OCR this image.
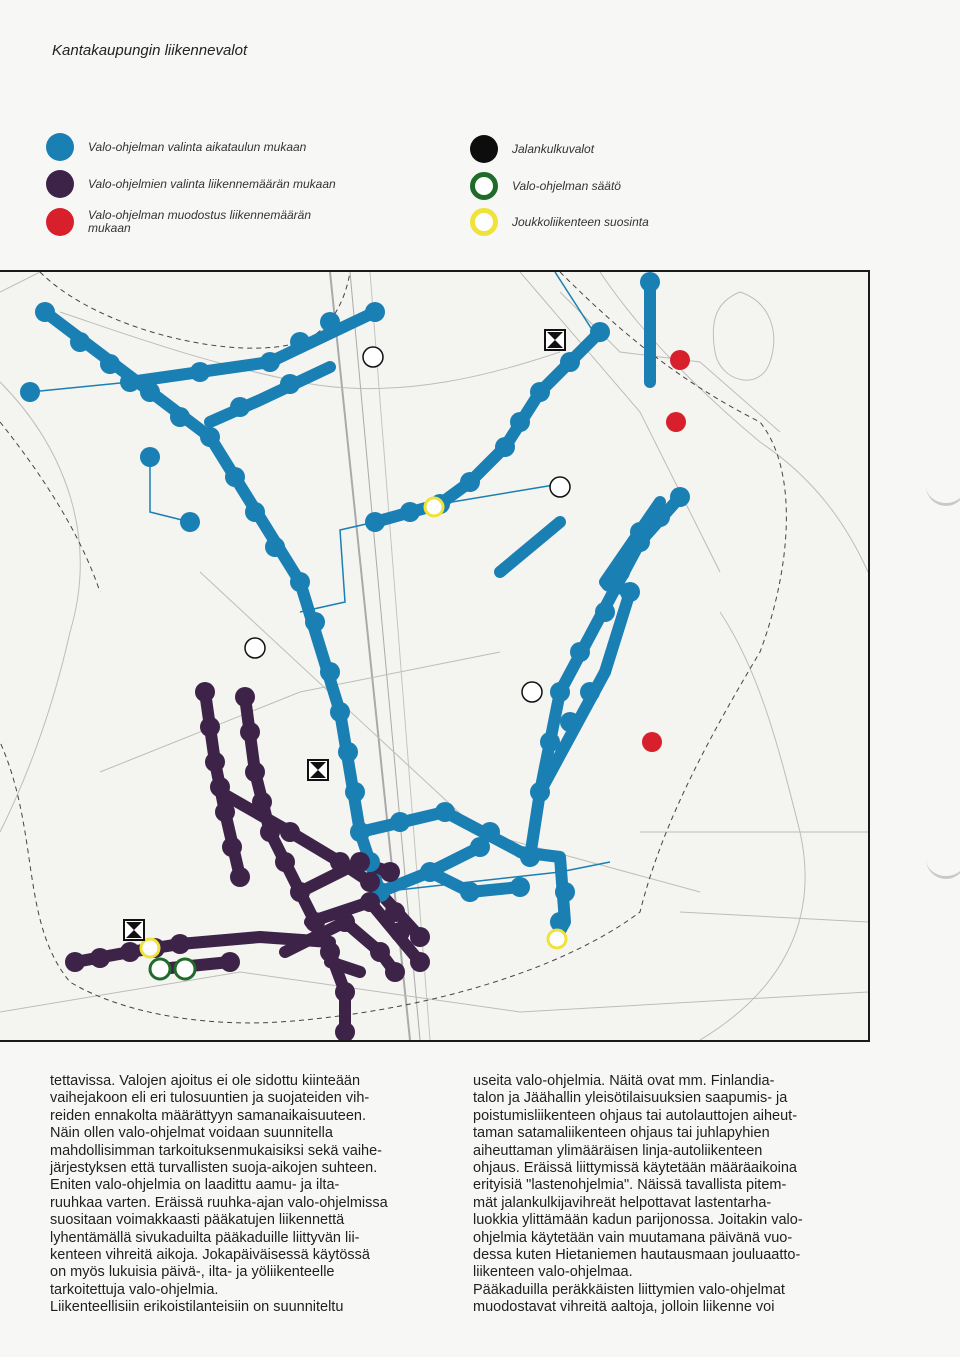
Kantakaupungin liikennevalot
Valo-ohjelman valinta aikataulun mukaan
Valo-ohjelmien valinta liikennemäärän mukaan
Valo-ohjelman muodostus liikennemäärän mukaan
Jalankulkuvalot
Valo-ohjelman säätö
Joukkoliikenteen suosinta

tettavissa. Valojen ajoitus ei ole sidottu kiinteään
vaihejakoon eli eri tulosuuntien ja suojateiden vih-
reiden ennakolta määrättyyn samanaikaisuuteen.
Näin ollen valo-ohjelmat voidaan suunnitella
mahdollisimman tarkoituksenmukaisiksi sekä vaihe-
järjestyksen että turvallisten suoja-aikojen suhteen.
Eniten valo-ohjelmia on laadittu aamu- ja ilta-
ruuhkaa varten. Eräissä ruuhka-ajan valo-ohjelmissa
suositaan voimakkaasti pääkatujen liikennettä
lyhentämällä sivukaduilta pääkaduille liittyvän lii-
kenteen vihreitä aikoja. Jokapäiväisessä käytössä
on myös lukuisia päivä-, ilta- ja yöliikenteelle
tarkoitettuja valo-ohjelmia.
Liikenteellisiin erikoistilanteisiin on suunniteltu

useita valo-ohjelmia. Näitä ovat mm. Finlandia-
talon ja Jäähallin yleisötilaisuuksien saapumis- ja
poistumisliikenteen ohjaus tai autolauttojen aiheut-
taman satamaliikenteen ohjaus tai juhlapyhien
aiheuttaman ylimääräisen linja-autoliikenteen
ohjaus. Eräissä liittymissä käytetään määräaikoina
erityisiä "lastenohjelmia". Näissä tavallista pitem-
mät jalankulkijavihreät helpottavat lastentarha-
luokkia ylittämään kadun parijonossa. Joitakin valo-
ohjelmia käytetään vain muutamana päivänä vuo-
dessa kuten Hietaniemen hautausmaan jouluaatto-
liikenteen valo-ohjelmaa.
Pääkaduilla peräkkäisten liittymien valo-ohjelmat
muodostavat vihreitä aaltoja, jolloin liikenne voi
